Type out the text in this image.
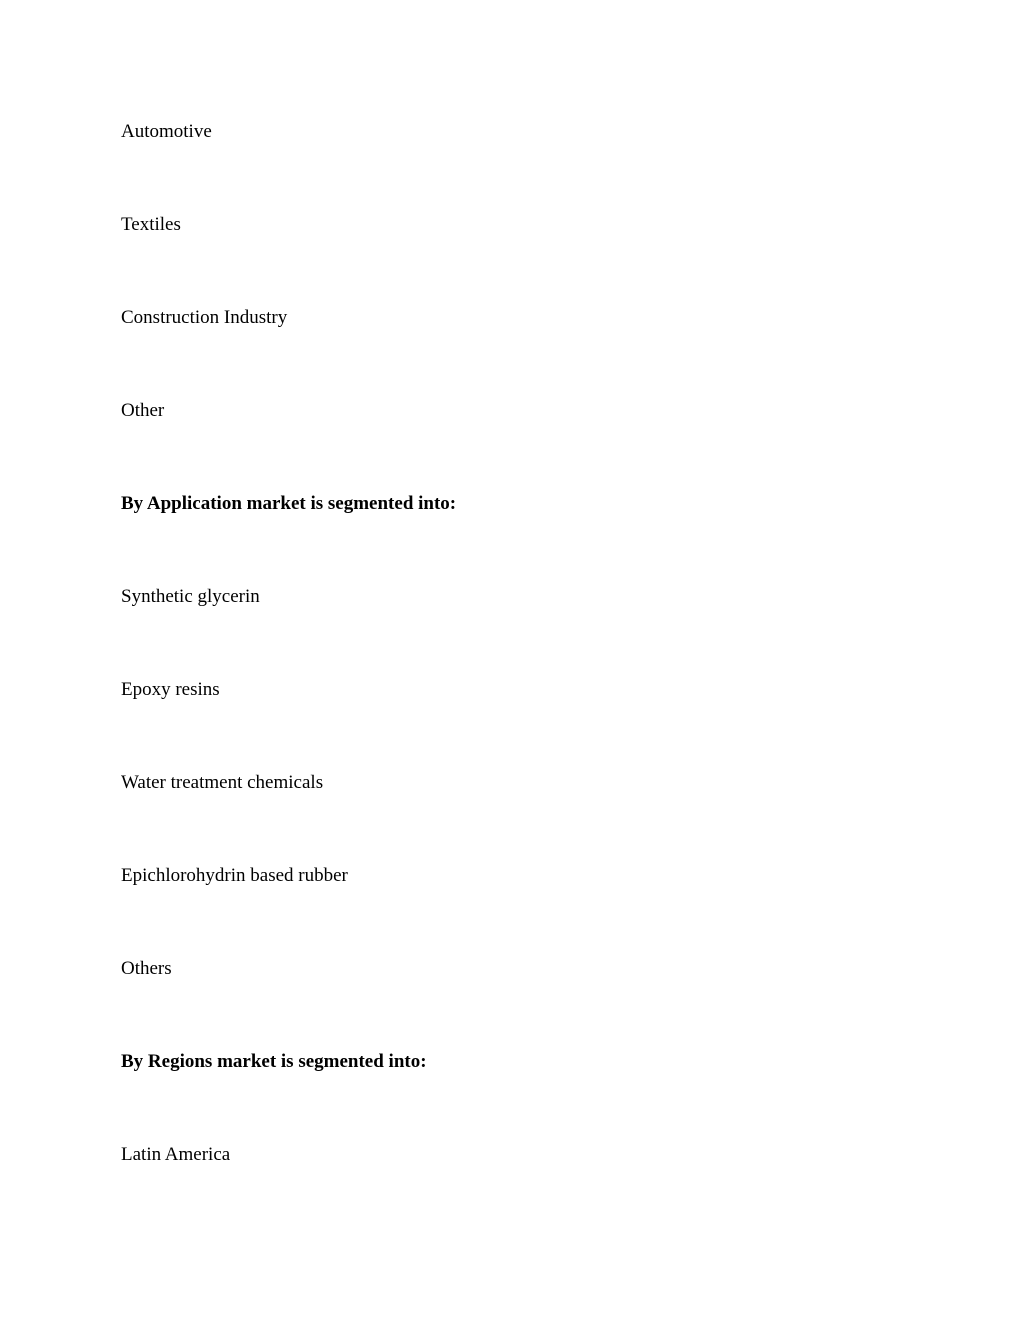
Automotive
Textiles
Construction Industry
Other
By Application market is segmented into:
Synthetic glycerin
Epoxy resins
Water treatment chemicals
Epichlorohydrin based rubber
Others
By Regions market is segmented into:
Latin America
